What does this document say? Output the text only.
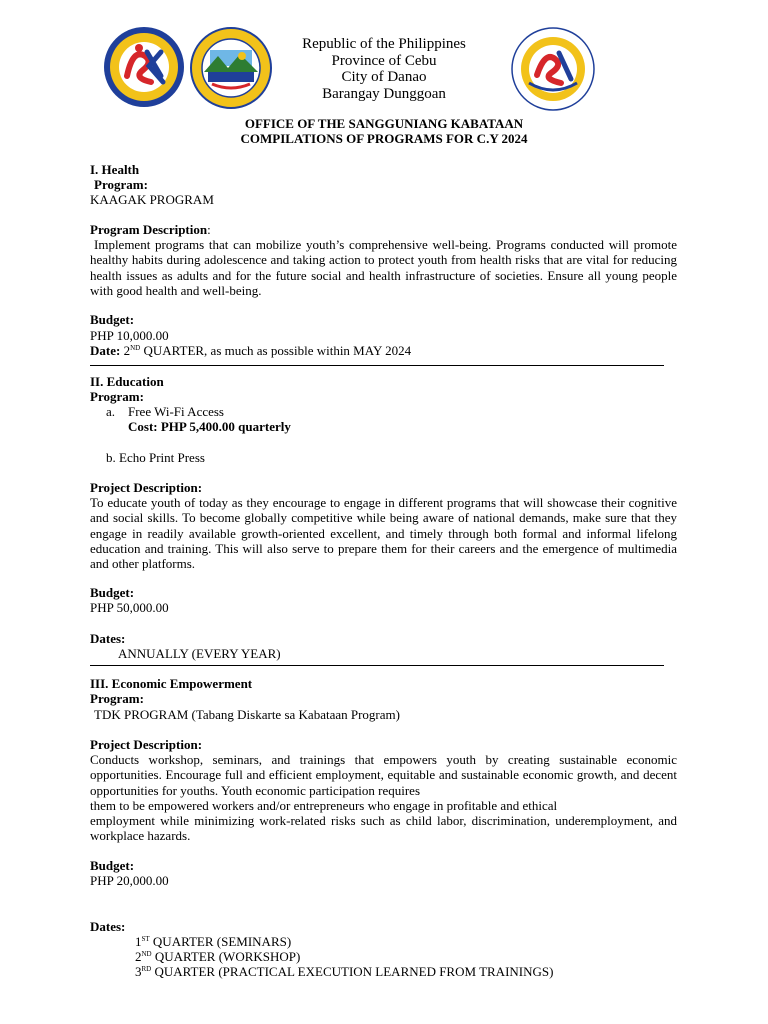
Republic of the Philippines
Province of Cebu
City of Danao
Barangay Dunggoan
OFFICE OF THE SANGGUNIANG KABATAAN
COMPILATIONS OF PROGRAMS FOR C.Y 2024
I. Health
Program:
KAAGAK PROGRAM
Program Description:
Implement programs that can mobilize youth’s comprehensive well-being. Programs conducted will promote healthy habits during adolescence and taking action to protect youth from health risks that are vital for reducing health issues as adults and for the future social and health infrastructure of societies. Ensure all young people with good health and well-being.
Budget:
PHP 10,000.00
Date: 2ND QUARTER, as much as possible within MAY 2024
II. Education
Program:
a. Free Wi-Fi Access
Cost: PHP 5,400.00 quarterly
b. Echo Print Press
Project Description:
To educate youth of today as they encourage to engage in different programs that will showcase their cognitive and social skills. To become globally competitive while being aware of national demands, make sure that they engage in readily available growth-oriented excellent, and timely through both formal and informal lifelong education and training. This will also serve to prepare them for their careers and the emergence of multimedia and other platforms.
Budget:
PHP 50,000.00
Dates:
ANNUALLY (EVERY YEAR)
III. Economic Empowerment
Program:
TDK PROGRAM (Tabang Diskarte sa Kabataan Program)
Project Description:
Conducts workshop, seminars, and trainings that empowers youth by creating sustainable economic opportunities. Encourage full and efficient employment, equitable and sustainable economic growth, and decent opportunities for youths. Youth economic participation requires
them to be empowered workers and/or entrepreneurs who engage in profitable and ethical
employment while minimizing work-related risks such as child labor, discrimination, underemployment, and workplace hazards.
Budget:
PHP 20,000.00
Dates:
1ST QUARTER (SEMINARS)
2ND QUARTER (WORKSHOP)
3RD QUARTER (PRACTICAL EXECUTION LEARNED FROM TRAININGS)
